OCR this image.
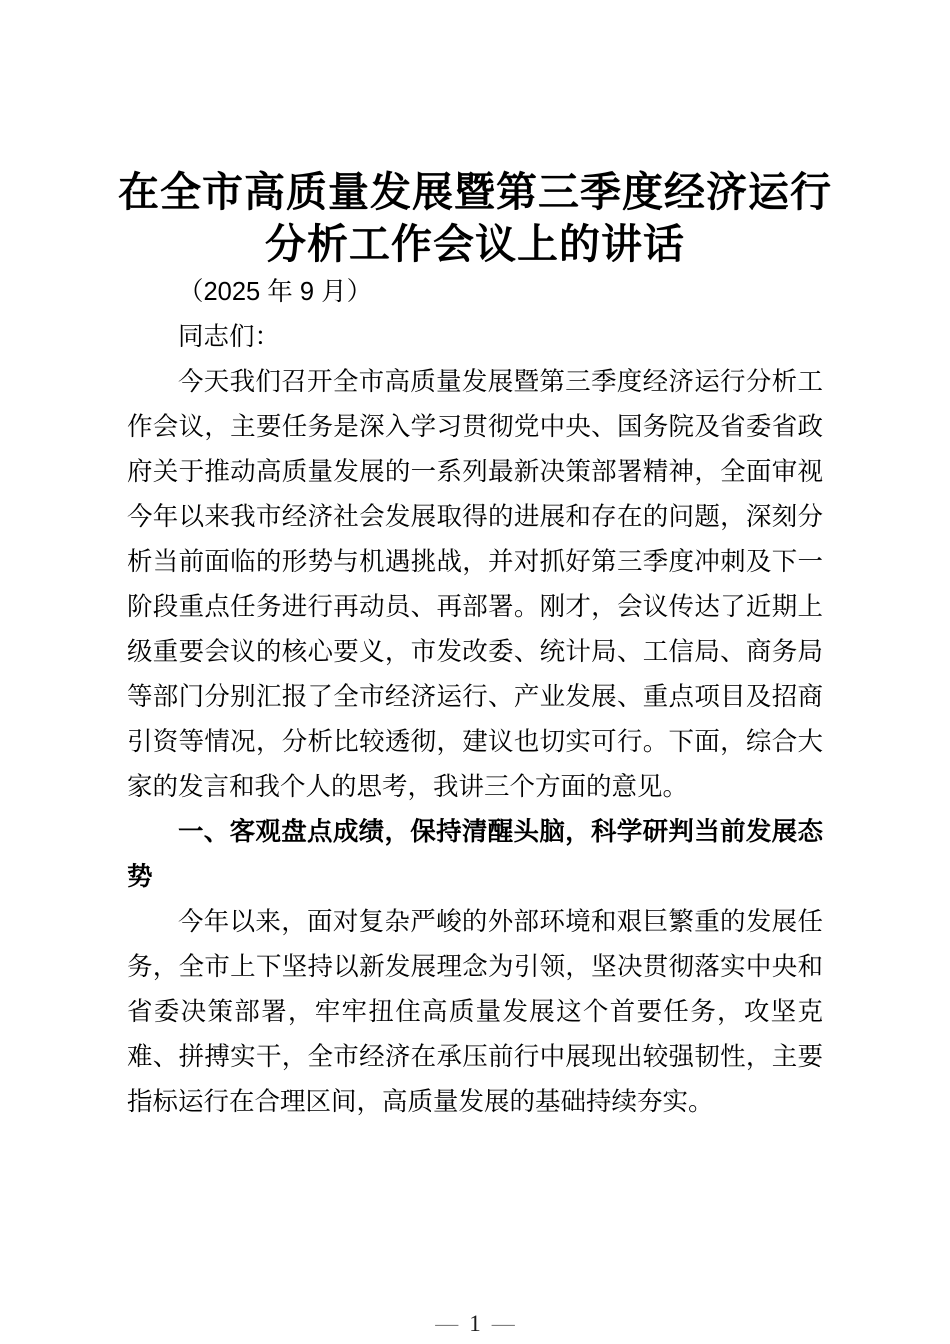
在全市高质量发展暨第三季度经济运行分析工作会议上的讲话

（2025 年 9 月）

同志们：

今天我们召开全市高质量发展暨第三季度经济运行分析工作会议，主要任务是深入学习贯彻党中央、国务院及省委省政府关于推动高质量发展的一系列最新决策部署精神，全面审视今年以来我市经济社会发展取得的进展和存在的问题，深刻分析当前面临的形势与机遇挑战，并对抓好第三季度冲刺及下一阶段重点任务进行再动员、再部署。刚才，会议传达了近期上级重要会议的核心要义，市发改委、统计局、工信局、商务局等部门分别汇报了全市经济运行、产业发展、重点项目及招商引资等情况，分析比较透彻，建议也切实可行。下面，综合大家的发言和我个人的思考，我讲三个方面的意见。

一、客观盘点成绩，保持清醒头脑，科学研判当前发展态势

今年以来，面对复杂严峻的外部环境和艰巨繁重的发展任务，全市上下坚持以新发展理念为引领，坚决贯彻落实中央和省委决策部署，牢牢扭住高质量发展这个首要任务，攻坚克难、拼搏实干，全市经济在承压前行中展现出较强韧性，主要指标运行在合理区间，高质量发展的基础持续夯实。

— 1 —
